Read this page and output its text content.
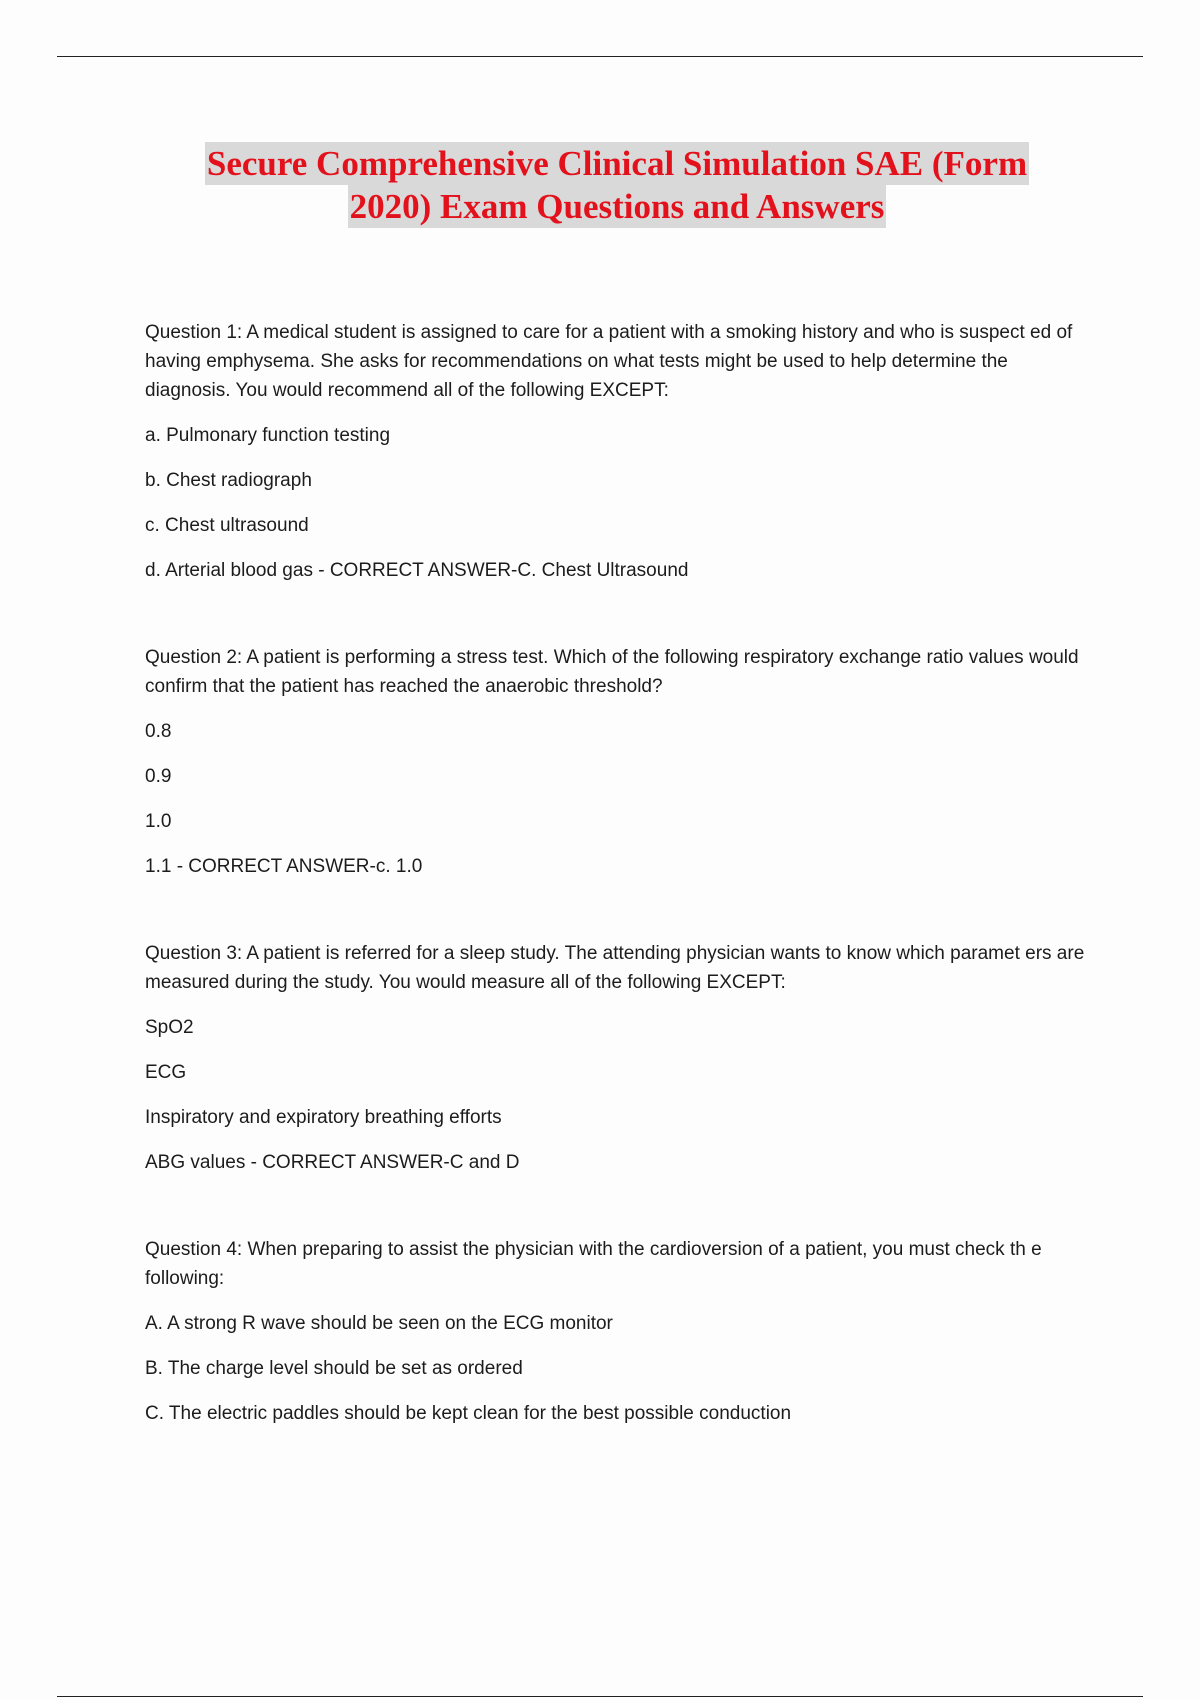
Secure Comprehensive Clinical Simulation SAE (Form
2020) Exam Questions and Answers

Question 1: A medical student is assigned to care for a patient with a smoking history and who is suspect ed of having emphysema. She asks for recommendations on what tests might be used to help determine the diagnosis. You would recommend all of the following EXCEPT:

a. Pulmonary function testing
b. Chest radiograph
c. Chest ultrasound
d. Arterial blood gas - CORRECT ANSWER-C. Chest Ultrasound

Question 2: A patient is performing a stress test. Which of the following respiratory exchange ratio values would confirm that the patient has reached the anaerobic threshold?

0.8
0.9
1.0
1.1 - CORRECT ANSWER-c. 1.0

Question 3: A patient is referred for a sleep study. The attending physician wants to know which paramet ers are measured during the study. You would measure all of the following EXCEPT:

SpO2
ECG
Inspiratory and expiratory breathing efforts
ABG values - CORRECT ANSWER-C and D

Question 4: When preparing to assist the physician with the cardioversion of a patient, you must check th e following:

A. A strong R wave should be seen on the ECG monitor
B. The charge level should be set as ordered
C. The electric paddles should be kept clean for the best possible conduction
